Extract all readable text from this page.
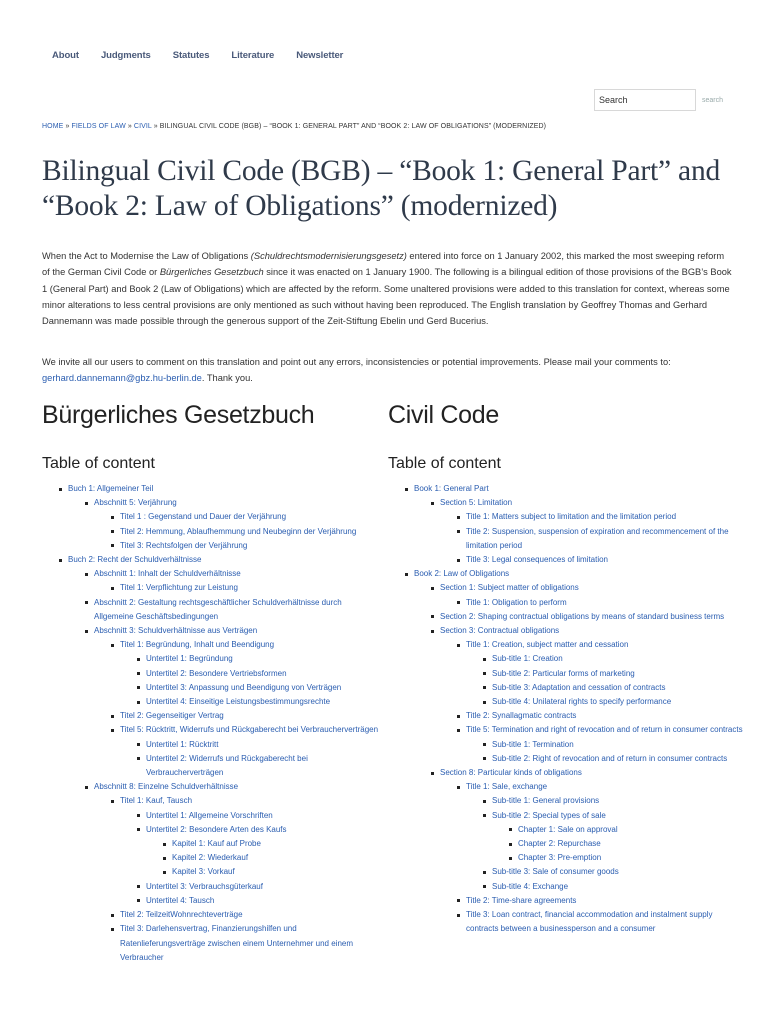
About Judgments Statutes Literature Newsletter
Search
search
HOME » FIELDS OF LAW » CIVIL » BILINGUAL CIVIL CODE (BGB) – “BOOK 1: GENERAL PART” AND “BOOK 2: LAW OF OBLIGATIONS” (MODERNIZED)
Bilingual Civil Code (BGB) – “Book 1: General Part” and “Book 2: Law of Obligations” (modernized)

When the Act to Modernise the Law of Obligations (Schuldrechtsmodernisierungsgesetz) entered into force on 1 January 2002, this marked the most sweeping reform of the German Civil Code or Bürgerliches Gesetzbuch since it was enacted on 1 January 1900. The following is a bilingual edition of those provisions of the BGB’s Book 1 (General Part) and Book 2 (Law of Obligations) which are affected by the reform. Some unaltered provisions were added to this translation for context, whereas some minor alterations to less central provisions are only mentioned as such without having been reproduced. The English translation by Geoffrey Thomas and Gerhard Dannemann was made possible through the generous support of the Zeit-Stiftung Ebelin und Gerd Bucerius.

We invite all our users to comment on this translation and point out any errors, inconsistencies or potential improvements. Please mail your comments to: gerhard.dannemann@gbz.hu-berlin.de. Thank you.

Bürgerliches Gesetzbuch
Table of content
Buch 1: Allgemeiner Teil
Abschnitt 5: Verjährung
Titel 1 : Gegenstand und Dauer der Verjährung
Titel 2: Hemmung, Ablaufhemmung und Neubeginn der Verjährung
Titel 3: Rechtsfolgen der Verjährung
Buch 2: Recht der Schuldverhältnisse
Abschnitt 1: Inhalt der Schuldverhältnisse
Titel 1: Verpflichtung zur Leistung
Abschnitt 2: Gestaltung rechtsgeschäftlicher Schuldverhältnisse durch Allgemeine Geschäftsbedingungen
Abschnitt 3: Schuldverhältnisse aus Verträgen
Titel 1: Begründung, Inhalt und Beendigung
Untertitel 1: Begründung
Untertitel 2: Besondere Vertriebsformen
Untertitel 3: Anpassung und Beendigung von Verträgen
Untertitel 4: Einseitige Leistungsbestimmungsrechte
Titel 2: Gegenseitiger Vertrag
Titel 5: Rücktritt, Widerrufs und Rückgaberecht bei Verbraucherverträgen
Untertitel 1: Rücktritt
Untertitel 2: Widerrufs und Rückgaberecht bei Verbraucherverträgen
Abschnitt 8: Einzelne Schuldverhältnisse
Titel 1: Kauf, Tausch
Untertitel 1: Allgemeine Vorschriften
Untertitel 2: Besondere Arten des Kaufs
Kapitel 1: Kauf auf Probe
Kapitel 2: Wiederkauf
Kapitel 3: Vorkauf
Untertitel 3: Verbrauchsgüterkauf
Untertitel 4: Tausch
Titel 2: TeilzeitWohnrechteverträge
Titel 3: Darlehensvertrag, Finanzierungshilfen und Ratenlieferungsverträge zwischen einem Unternehmer und einem Verbraucher
Civil Code
Table of content
Book 1: General Part
Section 5: Limitation
Title 1: Matters subject to limitation and the limitation period
Title 2: Suspension, suspension of expiration and recommencement of the limitation period
Title 3: Legal consequences of limitation
Book 2: Law of Obligations
Section 1: Subject matter of obligations
Title 1: Obligation to perform
Section 2: Shaping contractual obligations by means of standard business terms
Section 3: Contractual obligations
Title 1: Creation, subject matter and cessation
Sub-title 1: Creation
Sub-title 2: Particular forms of marketing
Sub-title 3: Adaptation and cessation of contracts
Sub-title 4: Unilateral rights to specify performance
Title 2: Synallagmatic contracts
Title 5: Termination and right of revocation and of return in consumer contracts
Sub-title 1: Termination
Sub-title 2: Right of revocation and of return in consumer contracts
Section 8: Particular kinds of obligations
Title 1: Sale, exchange
Sub-title 1: General provisions
Sub-title 2: Special types of sale
Chapter 1: Sale on approval
Chapter 2: Repurchase
Chapter 3: Pre-emption
Sub-title 3: Sale of consumer goods
Sub-title 4: Exchange
Title 2: Time-share agreements
Title 3: Loan contract, financial accommodation and instalment supply contracts between a businessperson and a consumer
